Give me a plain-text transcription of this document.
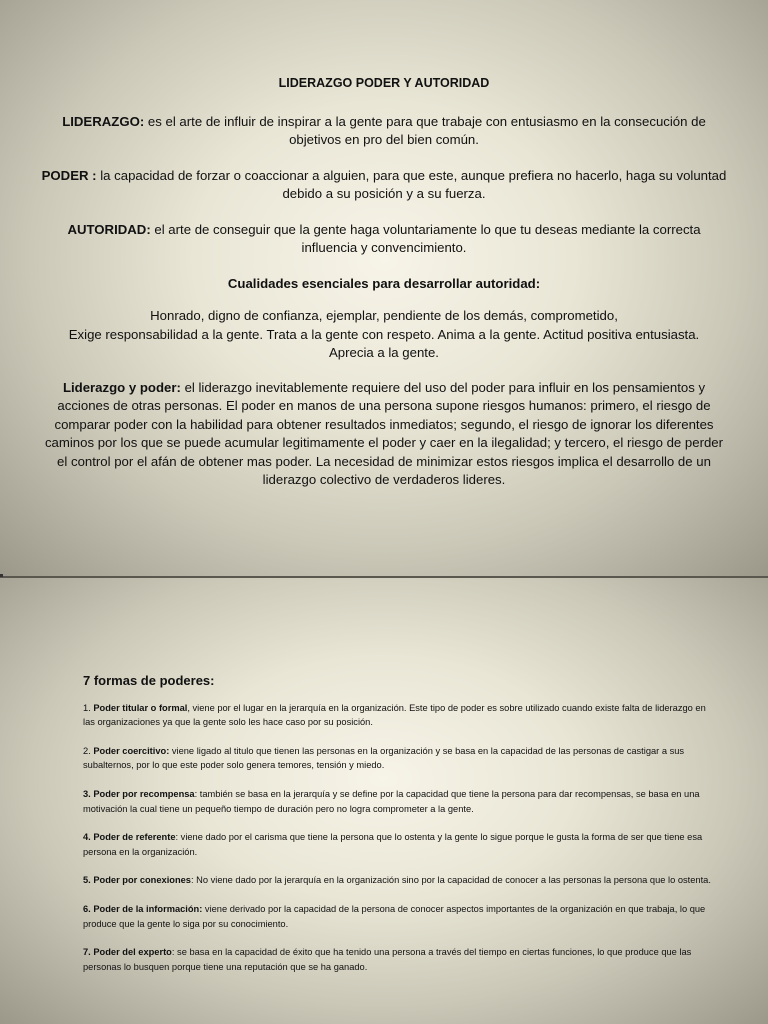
LIDERAZGO PODER Y AUTORIDAD

LIDERAZGO: es el arte de influir de inspirar a la gente para que trabaje con entusiasmo en la consecución de objetivos en pro del bien común.

PODER : la capacidad de forzar o coaccionar a alguien, para que este, aunque prefiera no hacerlo, haga su voluntad debido a su posición y a su fuerza.

AUTORIDAD: el arte de conseguir que la gente haga voluntariamente lo que tu deseas mediante la correcta influencia y convencimiento.

Cualidades esenciales para desarrollar autoridad:

Honrado, digno de confianza, ejemplar, pendiente de los demás, comprometido,
Exige responsabilidad a la gente. Trata a la gente con respeto. Anima a la gente. Actitud positiva entusiasta.
Aprecia a la gente.

Liderazgo y poder: el liderazgo inevitablemente requiere del uso del poder para influir en los pensamientos y acciones de otras personas. El poder en manos de una persona supone riesgos humanos: primero, el riesgo de comparar poder con la habilidad para obtener resultados inmediatos; segundo, el riesgo de ignorar los diferentes caminos por los que se puede acumular legitimamente el poder y caer en la ilegalidad; y tercero, el riesgo de perder el control por el afán de obtener mas poder. La necesidad de minimizar estos riesgos implica el desarrollo de un liderazgo colectivo de verdaderos lideres.

7 formas de poderes:

1. Poder titular o formal, viene por el lugar en la jerarquía en la organización. Este tipo de poder es sobre utilizado cuando existe falta de liderazgo en las organizaciones ya que la gente solo les hace caso por su posición.

2. Poder coercitivo: viene ligado al titulo que tienen las personas en la organización y se basa en la capacidad de las personas de castigar a sus subalternos, por lo que este poder solo genera temores, tensión y miedo.

3. Poder por recompensa: también se basa en la jerarquía y se define por la capacidad que tiene la persona para dar recompensas, se basa en una motivación la cual tiene un pequeño tiempo de duración pero no logra comprometer a la gente.

4. Poder de referente: viene dado por el carisma que tiene la persona que lo ostenta y la gente lo sigue porque le gusta la forma de ser que tiene esa persona en la organización.

5. Poder por conexiones: No viene dado por la jerarquía en la organización sino por la capacidad de conocer a las personas la persona que lo ostenta.

6. Poder de la información: viene derivado por la capacidad de la persona de conocer aspectos importantes de la organización en que trabaja, lo que produce que la gente lo siga por su conocimiento.

7. Poder del experto: se basa en la capacidad de éxito que ha tenido una persona a través del tiempo en ciertas funciones, lo que produce que las personas lo busquen porque tiene una reputación que se ha ganado.
